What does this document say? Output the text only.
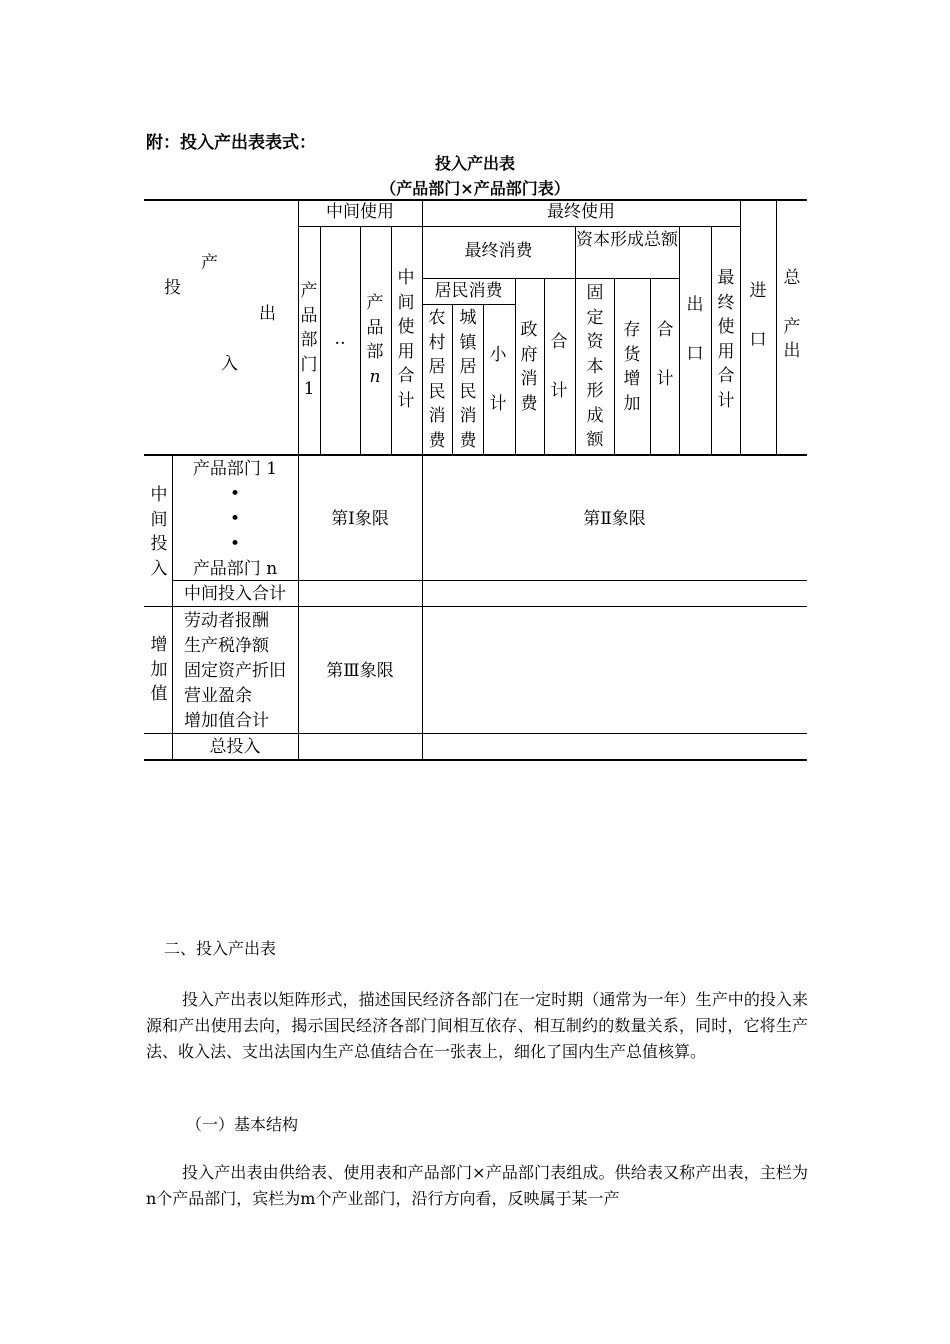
附：投入产出表表式：
投入产出表
（产品部门×产品部门表）
产
投
出
入
中间使用	最终使用
最终消费
资本形成总额
居民消费
产
品
部
门
1
‥
产
品
部
n
中
间
使
用
合
计
农
村
居
民
消
费
城
镇
居
民
消
费
小
计
政
府
消
费
合
计
固
定
资
本
形
成
额
存
货
增
加
合
计
出
口
最
终
使
用
合
计
进
口
总
产
出
中
间
投
入
产品部门 1
•
•
•
产品部门 n
中间投入合计
增
加
值
劳动者报酬
生产税净额
固定资产折旧
营业盈余
增加值合计
总投入
第Ⅰ象限	第Ⅱ象限
第Ⅲ象限
二、投入产出表
投入产出表以矩阵形式，描述国民经济各部门在一定时期（通常为一年）生产中的投入来源和产出使用去向，揭示国民经济各部门间相互依存、相互制约的数量关系，同时，它将生产法、收入法、支出法国内生产总值结合在一张表上，细化了国内生产总值核算。
（一）基本结构
投入产出表由供给表、使用表和产品部门×产品部门表组成。供给表又称产出表，主栏为n个产品部门，宾栏为m个产业部门，沿行方向看，反映属于某一产
